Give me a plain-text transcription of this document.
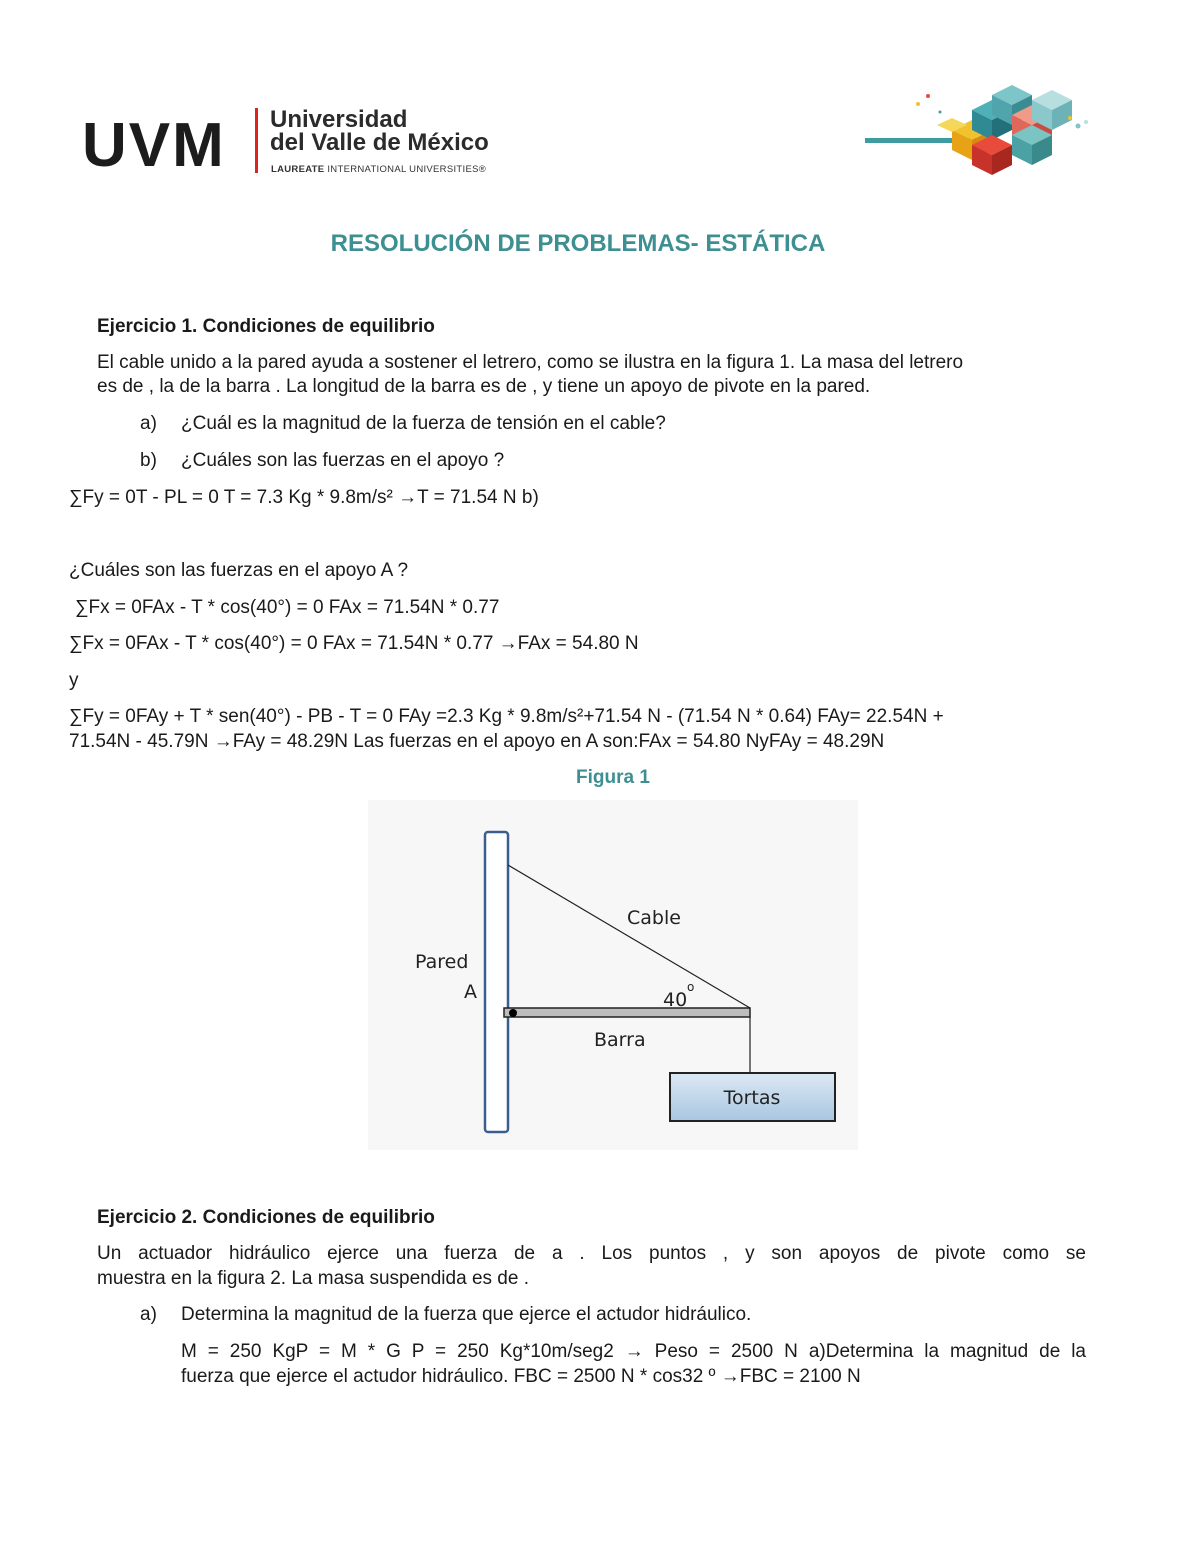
UVM Universidad
del Valle de México
LAUREATE INTERNATIONAL UNIVERSITIES®
RESOLUCIÓN DE PROBLEMAS- ESTÁTICA
Ejercicio 1. Condiciones de equilibrio
El cable unido a la pared ayuda a sostener el letrero, como se ilustra en la figura 1. La masa del letrero
es de , la de la barra . La longitud de la barra es de , y tiene un apoyo de pivote en la pared.
a) ¿Cuál es la magnitud de la fuerza de tensión en el cable?
b) ¿Cuáles son las fuerzas en el apoyo ?
∑Fy = 0T - PL = 0 T = 7.3 Kg * 9.8m/s² →T = 71.54 N b)
¿Cuáles son las fuerzas en el apoyo A ?
∑Fx = 0FAx - T * cos(40°) = 0 FAx = 71.54N * 0.77
∑Fx = 0FAx - T * cos(40°) = 0 FAx = 71.54N * 0.77 →FAx = 54.80 N
y
∑Fy = 0FAy + T * sen(40°) - PB - T = 0 FAy =2.3 Kg * 9.8m/s²+71.54 N - (71.54 N * 0.64) FAy= 22.54N +
71.54N - 45.79N →FAy = 48.29N Las fuerzas en el apoyo en A son:FAx = 54.80 NyFAy = 48.29N
Figura 1
Cable
Pared
A	40
o
Barra
Tortas
Ejercicio 2. Condiciones de equilibrio
Un actuador hidráulico ejerce una fuerza de a . Los puntos , y son apoyos de pivote como se
muestra en la figura 2. La masa suspendida es de .
a) Determina la magnitud de la fuerza que ejerce el actudor hidráulico.
M = 250 KgP = M * G P = 250 Kg*10m/seg2 → Peso = 2500 N a)Determina la magnitud de la
fuerza que ejerce el actudor hidráulico. FBC = 2500 N * cos32 º →FBC = 2100 N
